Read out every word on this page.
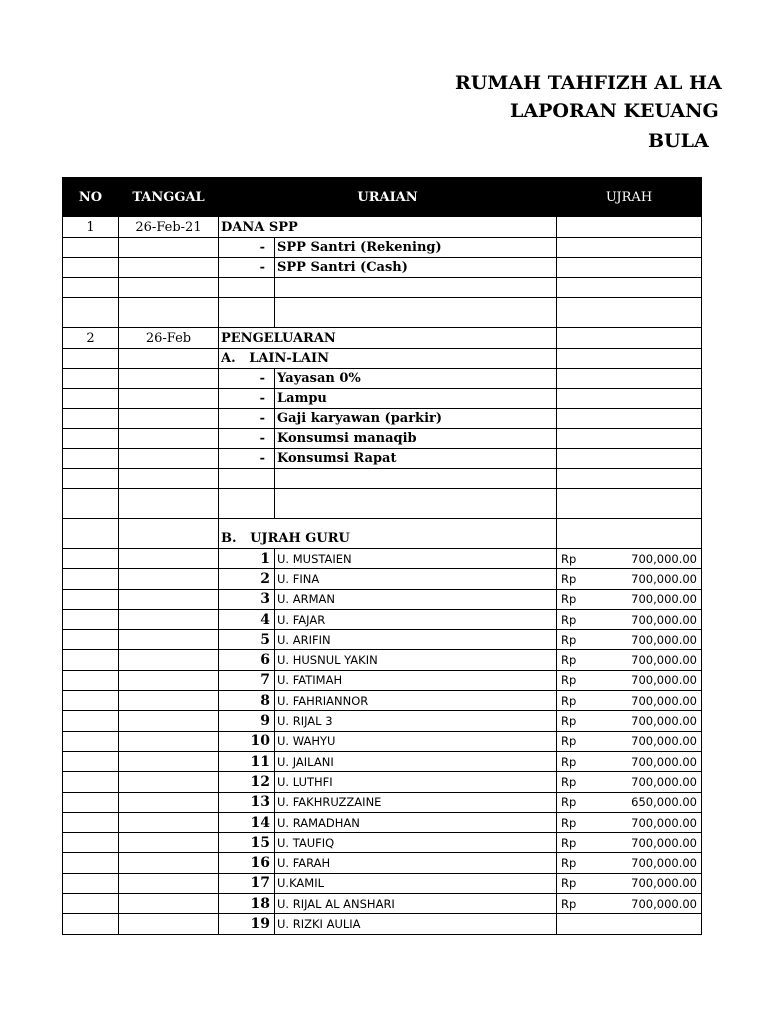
RUMAH TAHFIZH AL HA
LAPORAN KEUANG
BULA
NO	TANGGAL	URAIAN		UJRAH
1	26-Feb-21	DANA SPP		
		-	SPP Santri (Rekening)	
		-	SPP Santri (Cash)	

2	26-Feb	PENGELUARAN		
		A. LAIN-LAIN		
		-	Yayasan 0%	
		-	Lampu	
		-	Gaji karyawan (parkir)	
		-	Konsumsi manaqib	
		-	Konsumsi Rapat	

		B. UJRAH GURU		
		1	U. MUSTAIEN	Rp 700,000.00

		2	U. FINA	Rp 700,000.00

		3	U. ARMAN	Rp 700,000.00

		4	U. FAJAR	Rp 700,000.00

		5	U. ARIFIN	Rp 700,000.00

		6	U. HUSNUL YAKIN	Rp 700,000.00

		7	U. FATIMAH	Rp 700,000.00

		8	U. FAHRIANNOR	Rp 700,000.00

		9	U. RIJAL 3	Rp 700,000.00

		10	U. WAHYU	Rp 700,000.00

		11	U. JAILANI	Rp 700,000.00

		12	U. LUTHFI	Rp 700,000.00

		13	U. FAKHRUZZAINE	Rp 650,000.00

		14	U. RAMADHAN	Rp 700,000.00

		15	U. TAUFIQ	Rp 700,000.00

		16	U. FARAH	Rp 700,000.00

		17	U.KAMIL	Rp 700,000.00

		18	U. RIJAL AL ANSHARI	Rp 700,000.00

		19	U. RIZKI AULIA	
